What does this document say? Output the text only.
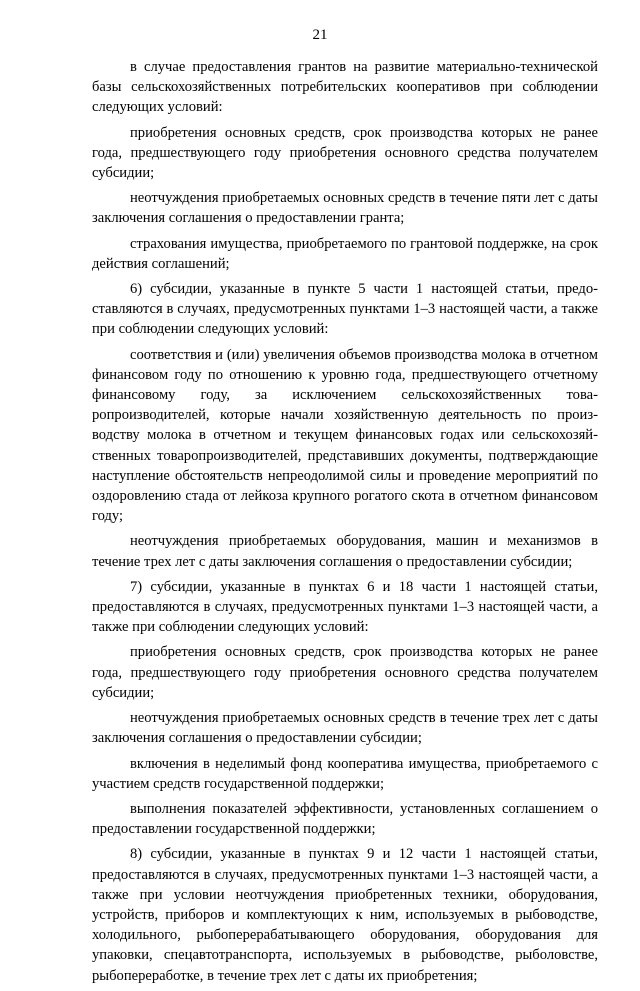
21

в случае предоставления грантов на развитие материально-технической базы сельскохозяйственных потребительских кооперативов при соблюдении следующих условий:

приобретения основных средств, срок производства которых не ранее года, предшествующего году приобретения основного средства получателем субсидии;

неотчуждения приобретаемых основных средств в течение пяти лет с даты заключения соглашения о предоставлении гранта;

страхования имущества, приобретаемого по грантовой поддержке, на срок действия соглашений;

6) субсидии, указанные в пункте 5 части 1 настоящей статьи, предоставляются в случаях, предусмотренных пунктами 1–3 настоящей части, а также при соблюдении следующих условий:

соответствия и (или) увеличения объемов производства молока в отчетном финансовом году по отношению к уровню года, предшествующего отчетному финансовому году, за исключением сельскохозяйственных товаропроизводителей, которые начали хозяйственную деятельность по производству молока в отчетном и текущем финансовых годах или сельскохозяйственных товаропроизводителей, представивших документы, подтверждающие наступление обстоятельств непреодолимой силы и проведение мероприятий по оздоровлению стада от лейкоза крупного рогатого скота в отчетном финансовом году;

неотчуждения приобретаемых оборудования, машин и механизмов в течение трех лет с даты заключения соглашения о предоставлении субсидии;

7) субсидии, указанные в пунктах 6 и 18 части 1 настоящей статьи, предоставляются в случаях, предусмотренных пунктами 1–3 настоящей части, а также при соблюдении следующих условий:

приобретения основных средств, срок производства которых не ранее года, предшествующего году приобретения основного средства получателем субсидии;

неотчуждения приобретаемых основных средств в течение трех лет с даты заключения соглашения о предоставлении субсидии;

включения в неделимый фонд кооператива имущества, приобретаемого с участием средств государственной поддержки;

выполнения показателей эффективности, установленных соглашением о предоставлении государственной поддержки;

8) субсидии, указанные в пунктах 9 и 12 части 1 настоящей статьи, предоставляются в случаях, предусмотренных пунктами 1–3 настоящей части, а также при условии неотчуждения приобретенных техники, оборудования, устройств, приборов и комплектующих к ним, используемых в рыбоводстве, холодильного, рыбоперерабатывающего оборудования, оборудования для упаковки, спецавтотранспорта, используемых в рыбоводстве, рыболовстве, рыбопереработке, в течение трех лет с даты их приобретения;
